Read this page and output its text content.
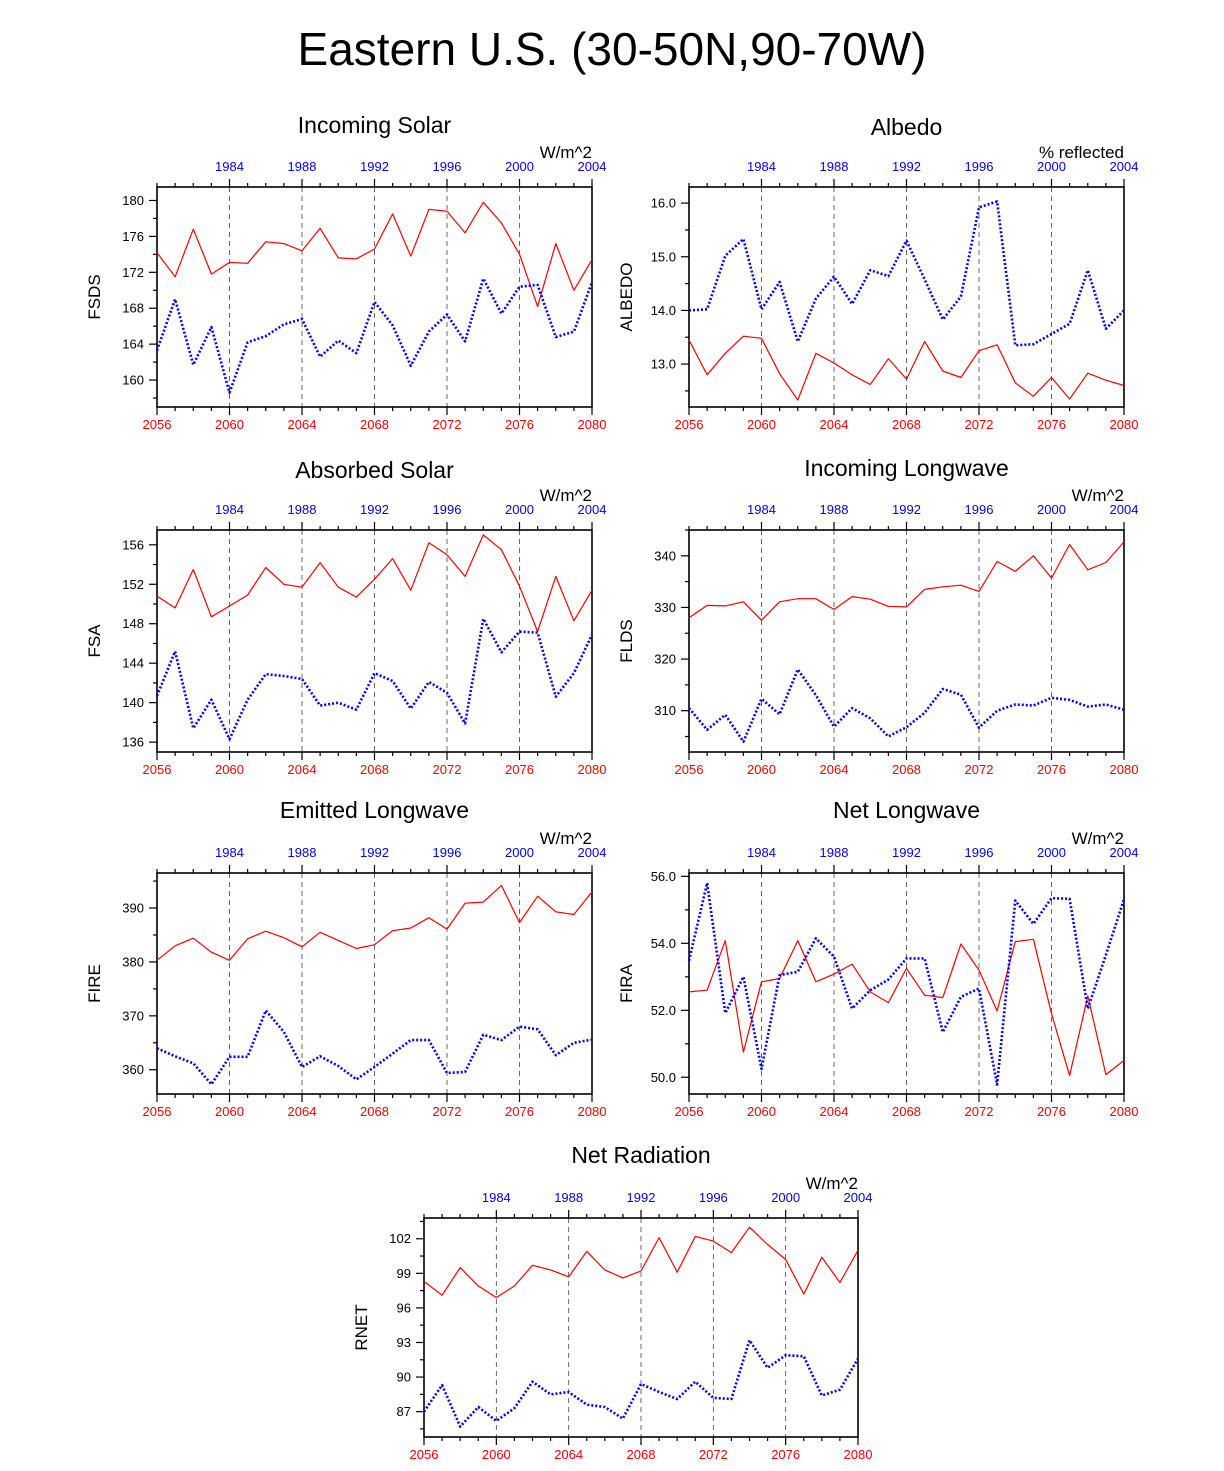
Eastern U.S. (30-50N,90-70W)
Incoming Solar
W/m^2
FSDS
2056	2060	2064	2068	2072	2076	2080
1984	1988	1992	1996	2000	2004
160
164
168
172
176
180
Albedo
% reflected
ALBEDO
2056	2060	2064	2068	2072	2076	2080
1984	1988	1992	1996	2000	2004
13.0
14.0
15.0
16.0
Absorbed Solar
W/m^2
FSA
2056	2060	2064	2068	2072	2076	2080
1984	1988	1992	1996	2000	2004
136
140
144
148
152
156
Incoming Longwave
W/m^2
FLDS
2056	2060	2064	2068	2072	2076	2080
1984	1988	1992	1996	2000	2004
310
320
330
340
Emitted Longwave
W/m^2
FIRE
2056	2060	2064	2068	2072	2076	2080
1984	1988	1992	1996	2000	2004
360
370
380
390
Net Longwave
W/m^2
FIRA
2056	2060	2064	2068	2072	2076	2080
1984	1988	1992	1996	2000	2004
50.0
52.0
54.0
56.0
Net Radiation
W/m^2
RNET
2056	2060	2064	2068	2072	2076	2080
1984	1988	1992	1996	2000	2004
87
90
93
96
99
102
